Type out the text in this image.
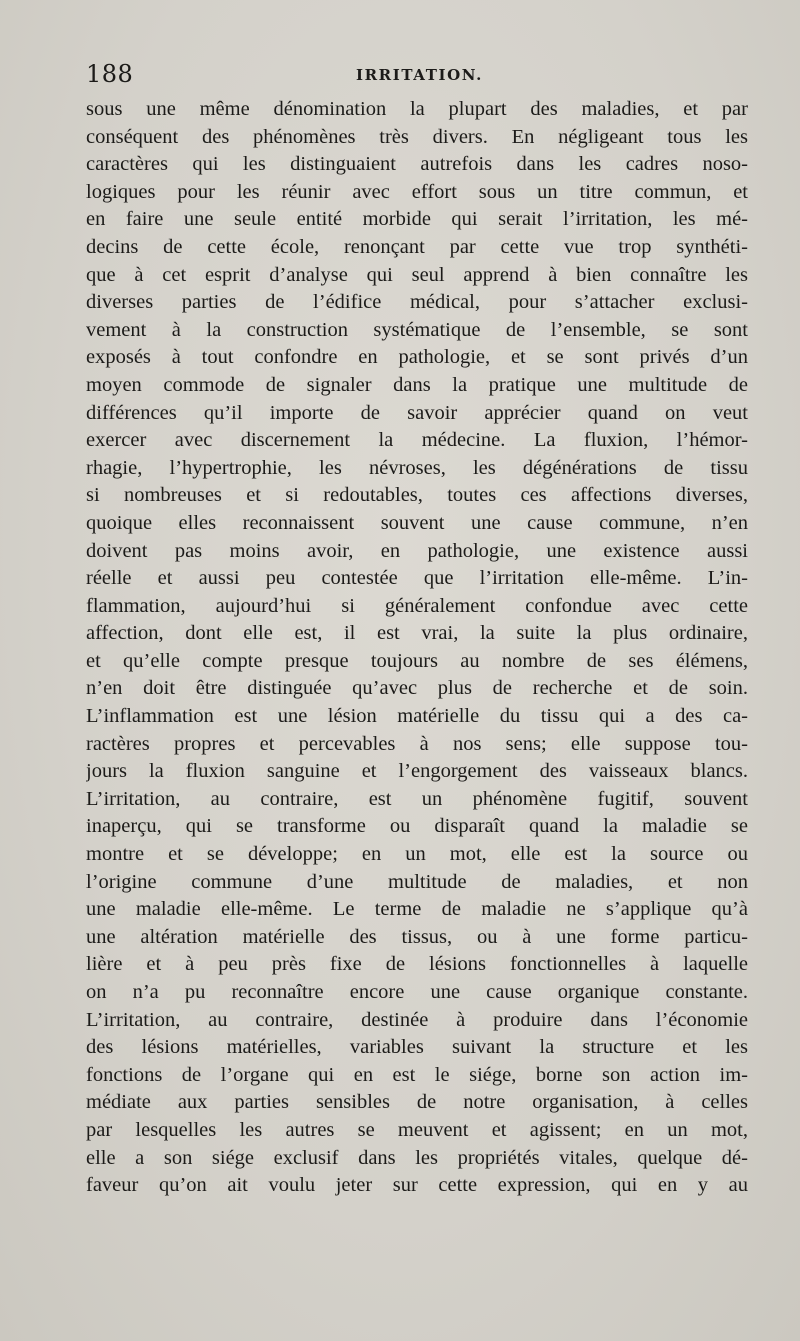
188	IRRITATION.
sous une même dénomination la plupart des maladies, et par
conséquent des phénomènes très divers. En négligeant tous les
caractères qui les distinguaient autrefois dans les cadres noso-
logiques pour les réunir avec effort sous un titre commun, et
en faire une seule entité morbide qui serait l’irritation, les mé-
decins de cette école, renonçant par cette vue trop synthéti-
que à cet esprit d’analyse qui seul apprend à bien connaître les
diverses parties de l’édifice médical, pour s’attacher exclusi-
vement à la construction systématique de l’ensemble, se sont
exposés à tout confondre en pathologie, et se sont privés d’un
moyen commode de signaler dans la pratique une multitude de
différences qu’il importe de savoir apprécier quand on veut
exercer avec discernement la médecine. La fluxion, l’hémor-
rhagie, l’hypertrophie, les névroses, les dégénérations de tissu
si nombreuses et si redoutables, toutes ces affections diverses,
quoique elles reconnaissent souvent une cause commune, n’en
doivent pas moins avoir, en pathologie, une existence aussi
réelle et aussi peu contestée que l’irritation elle-même. L’in-
flammation, aujourd’hui si généralement confondue avec cette
affection, dont elle est, il est vrai, la suite la plus ordinaire,
et qu’elle compte presque toujours au nombre de ses élémens,
n’en doit être distinguée qu’avec plus de recherche et de soin.
L’inflammation est une lésion matérielle du tissu qui a des ca-
ractères propres et percevables à nos sens; elle suppose tou-
jours la fluxion sanguine et l’engorgement des vaisseaux blancs.
L’irritation, au contraire, est un phénomène fugitif, souvent
inaperçu, qui se transforme ou disparaît quand la maladie se
montre et se développe; en un mot, elle est la source ou
l’origine commune d’une multitude de maladies, et non
une maladie elle-même. Le terme de maladie ne s’applique qu’à
une altération matérielle des tissus, ou à une forme particu-
lière et à peu près fixe de lésions fonctionnelles à laquelle
on n’a pu reconnaître encore une cause organique constante.
L’irritation, au contraire, destinée à produire dans l’économie
des lésions matérielles, variables suivant la structure et les
fonctions de l’organe qui en est le siége, borne son action im-
médiate aux parties sensibles de notre organisation, à celles
par lesquelles les autres se meuvent et agissent; en un mot,
elle a son siége exclusif dans les propriétés vitales, quelque dé-
faveur qu’on ait voulu jeter sur cette expression, qui en y au
